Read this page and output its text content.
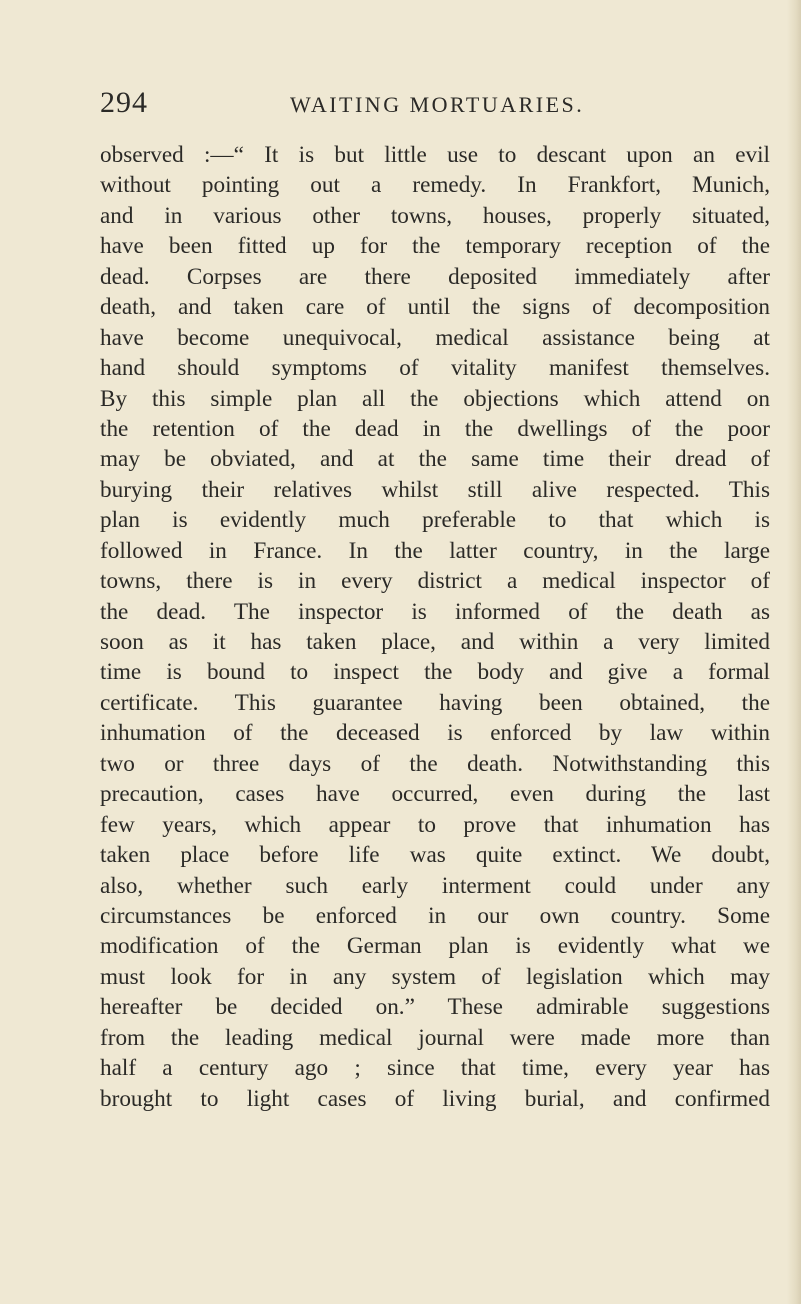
294	WAITING MORTUARIES.
observed :—“ It is but little use to descant upon an evil
without pointing out a remedy. In Frankfort, Munich,
and in various other towns, houses, properly situated,
have been fitted up for the temporary reception of the
dead. Corpses are there deposited immediately after
death, and taken care of until the signs of decomposition
have become unequivocal, medical assistance being at
hand should symptoms of vitality manifest themselves.
By this simple plan all the objections which attend on
the retention of the dead in the dwellings of the poor
may be obviated, and at the same time their dread of
burying their relatives whilst still alive respected. This
plan is evidently much preferable to that which is
followed in France. In the latter country, in the large
towns, there is in every district a medical inspector of
the dead. The inspector is informed of the death as
soon as it has taken place, and within a very limited
time is bound to inspect the body and give a formal
certificate. This guarantee having been obtained, the
inhumation of the deceased is enforced by law within
two or three days of the death. Notwithstanding this
precaution, cases have occurred, even during the last
few years, which appear to prove that inhumation has
taken place before life was quite extinct. We doubt,
also, whether such early interment could under any
circumstances be enforced in our own country. Some
modification of the German plan is evidently what we
must look for in any system of legislation which may
hereafter be decided on.” These admirable suggestions
from the leading medical journal were made more than
half a century ago ; since that time, every year has
brought to light cases of living burial, and confirmed
